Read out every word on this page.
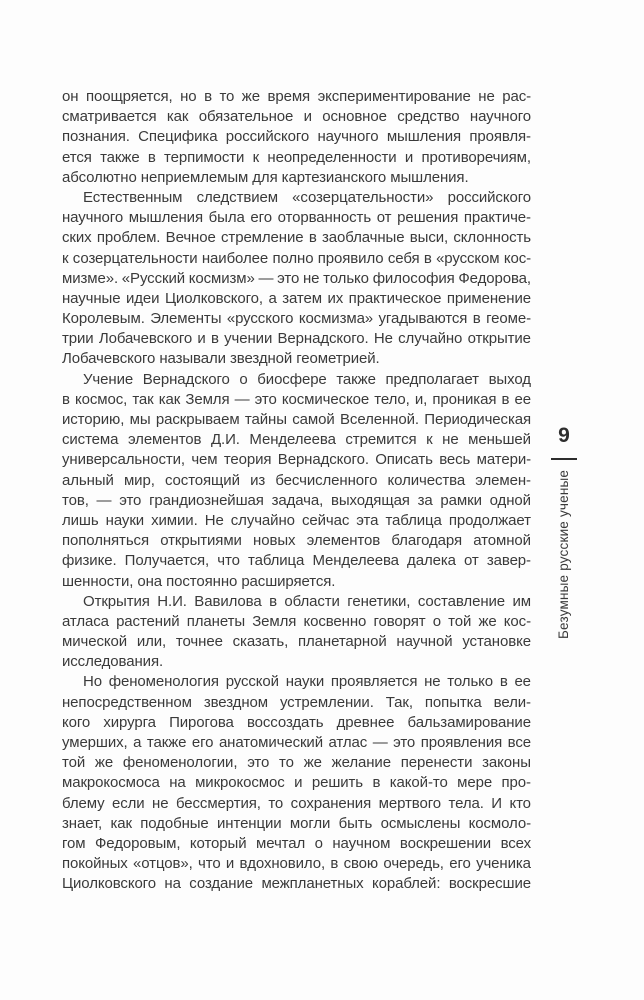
он поощряется, но в то же время экспериментирование не рас-
сматривается как обязательное и основное средство научного
познания. Специфика российского научного мышления проявля-
ется также в терпимости к неопределенности и противоречиям,
абсолютно неприемлемым для картезианского мышления.
Естественным следствием «созерцательности» российского
научного мышления была его оторванность от решения практиче-
ских проблем. Вечное стремление в заоблачные выси, склонность
к созерцательности наиболее полно проявило себя в «русском кос-
мизме». «Русский космизм» — это не только философия Федорова,
научные идеи Циолковского, а затем их практическое применение
Королевым. Элементы «русского космизма» угадываются в геоме-
трии Лобачевского и в учении Вернадского. Не случайно открытие
Лобачевского называли звездной геометрией.
Учение Вернадского о биосфере также предполагает выход
в космос, так как Земля — это космическое тело, и, проникая в ее
историю, мы раскрываем тайны самой Вселенной. Периодическая
система элементов Д.И. Менделеева стремится к не меньшей
универсальности, чем теория Вернадского. Описать весь матери-
альный мир, состоящий из бесчисленного количества элемен-
тов, — это грандиознейшая задача, выходящая за рамки одной
лишь науки химии. Не случайно сейчас эта таблица продолжает
пополняться открытиями новых элементов благодаря атомной
физике. Получается, что таблица Менделеева далека от завер-
шенности, она постоянно расширяется.
Открытия Н.И. Вавилова в области генетики, составление им
атласа растений планеты Земля косвенно говорят о той же кос-
мической или, точнее сказать, планетарной научной установке
исследования.
Но феноменология русской науки проявляется не только в ее
непосредственном звездном устремлении. Так, попытка вели-
кого хирурга Пирогова воссоздать древнее бальзамирование
умерших, а также его анатомический атлас — это проявления все
той же феноменологии, это то же желание перенести законы
макрокосмоса на микрокосмос и решить в какой-то мере про-
блему если не бессмертия, то сохранения мертвого тела. И кто
знает, как подобные интенции могли быть осмыслены космоло-
гом Федоровым, который мечтал о научном воскрешении всех
покойных «отцов», что и вдохновило, в свою очередь, его ученика
Циолковского на создание межпланетных кораблей: воскресшие
9
Безумные русские ученые
